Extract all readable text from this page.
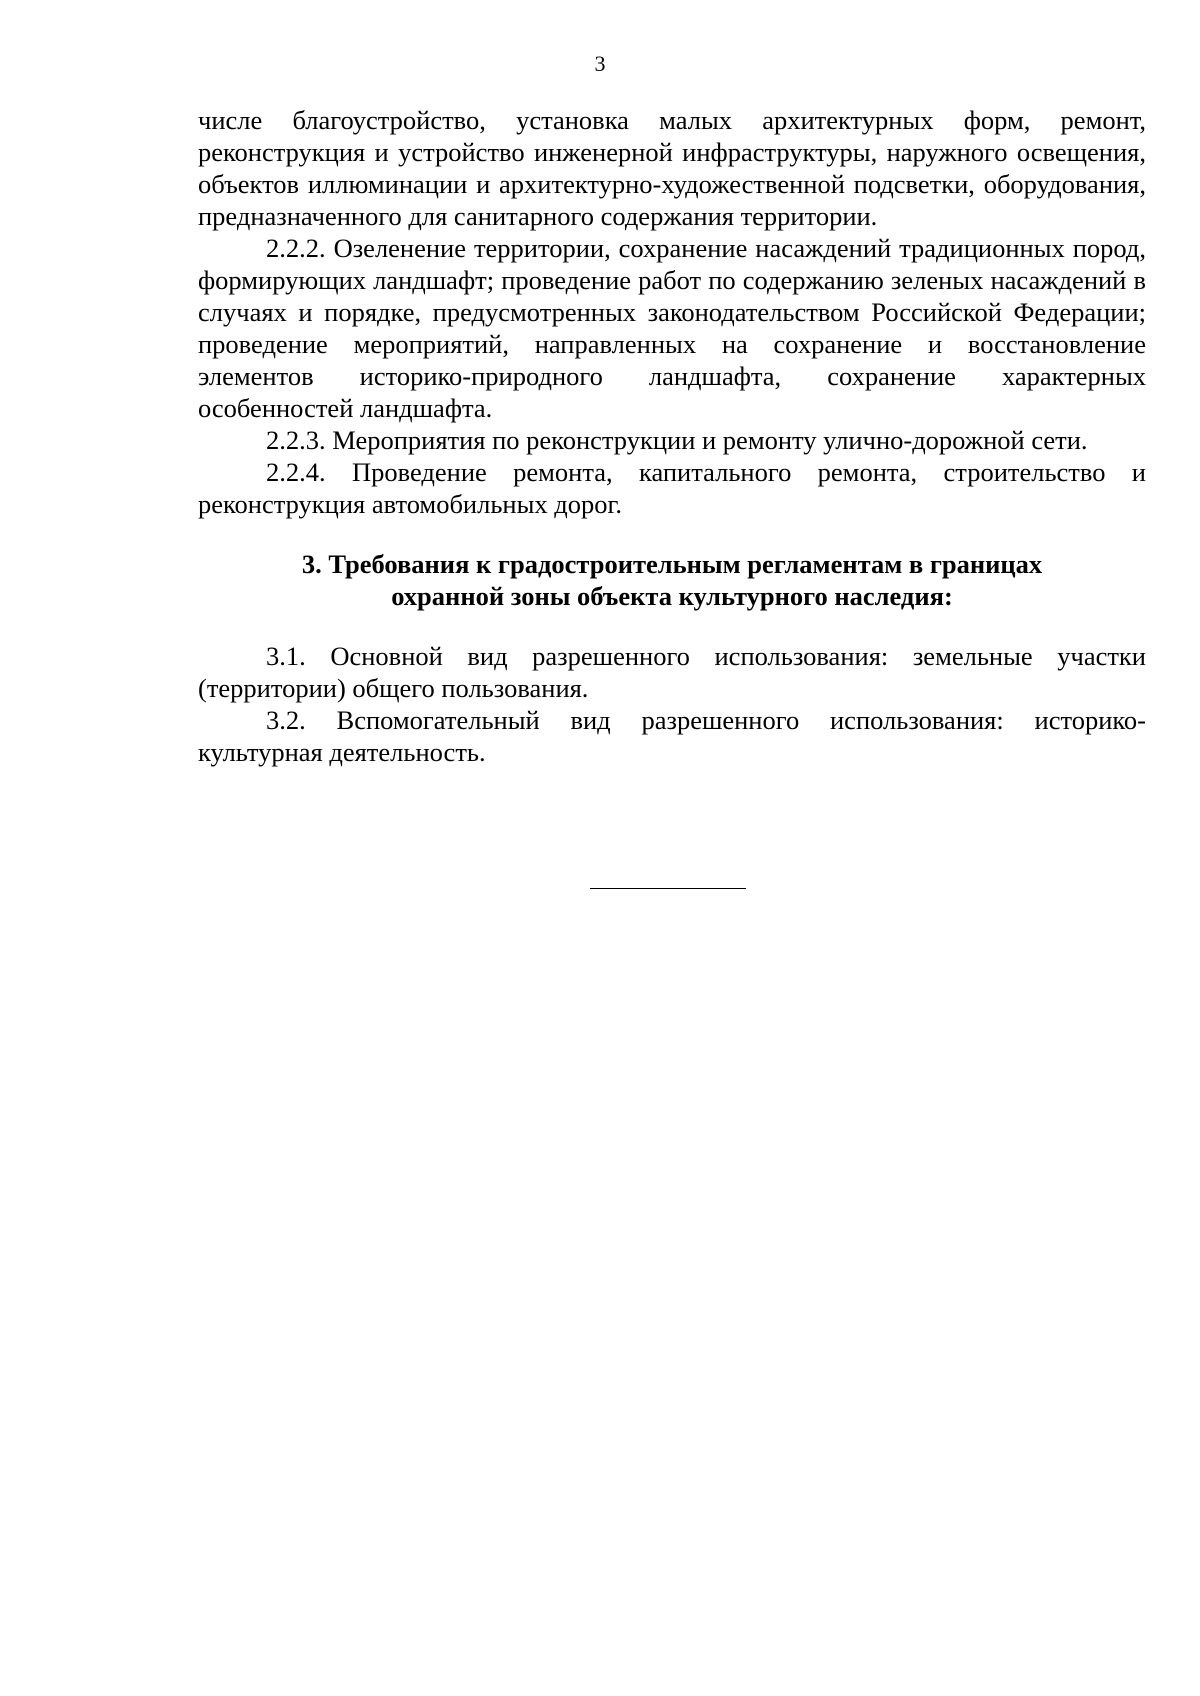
3

числе благоустройство, установка малых архитектурных форм, ремонт, реконструкция и устройство инженерной инфраструктуры, наружного освещения, объектов иллюминации и архитектурно-художественной подсветки, оборудования, предназначенного для санитарного содержания территории.

2.2.2. Озеленение территории, сохранение насаждений традиционных пород, формирующих ландшафт; проведение работ по содержанию зеленых насаждений в случаях и порядке, предусмотренных законодательством Российской Федерации; проведение мероприятий, направленных на сохранение и восстановление элементов историко-природного ландшафта, сохранение характерных особенностей ландшафта.

2.2.3. Мероприятия по реконструкции и ремонту улично-дорожной сети.

2.2.4. Проведение ремонта, капитального ремонта, строительство и реконструкция автомобильных дорог.

3. Требования к градостроительным регламентам в границах
охранной зоны объекта культурного наследия:

3.1. Основной вид разрешенного использования: земельные участки (территории) общего пользования.

3.2. Вспомогательный вид разрешенного использования: историко-культурная деятельность.
